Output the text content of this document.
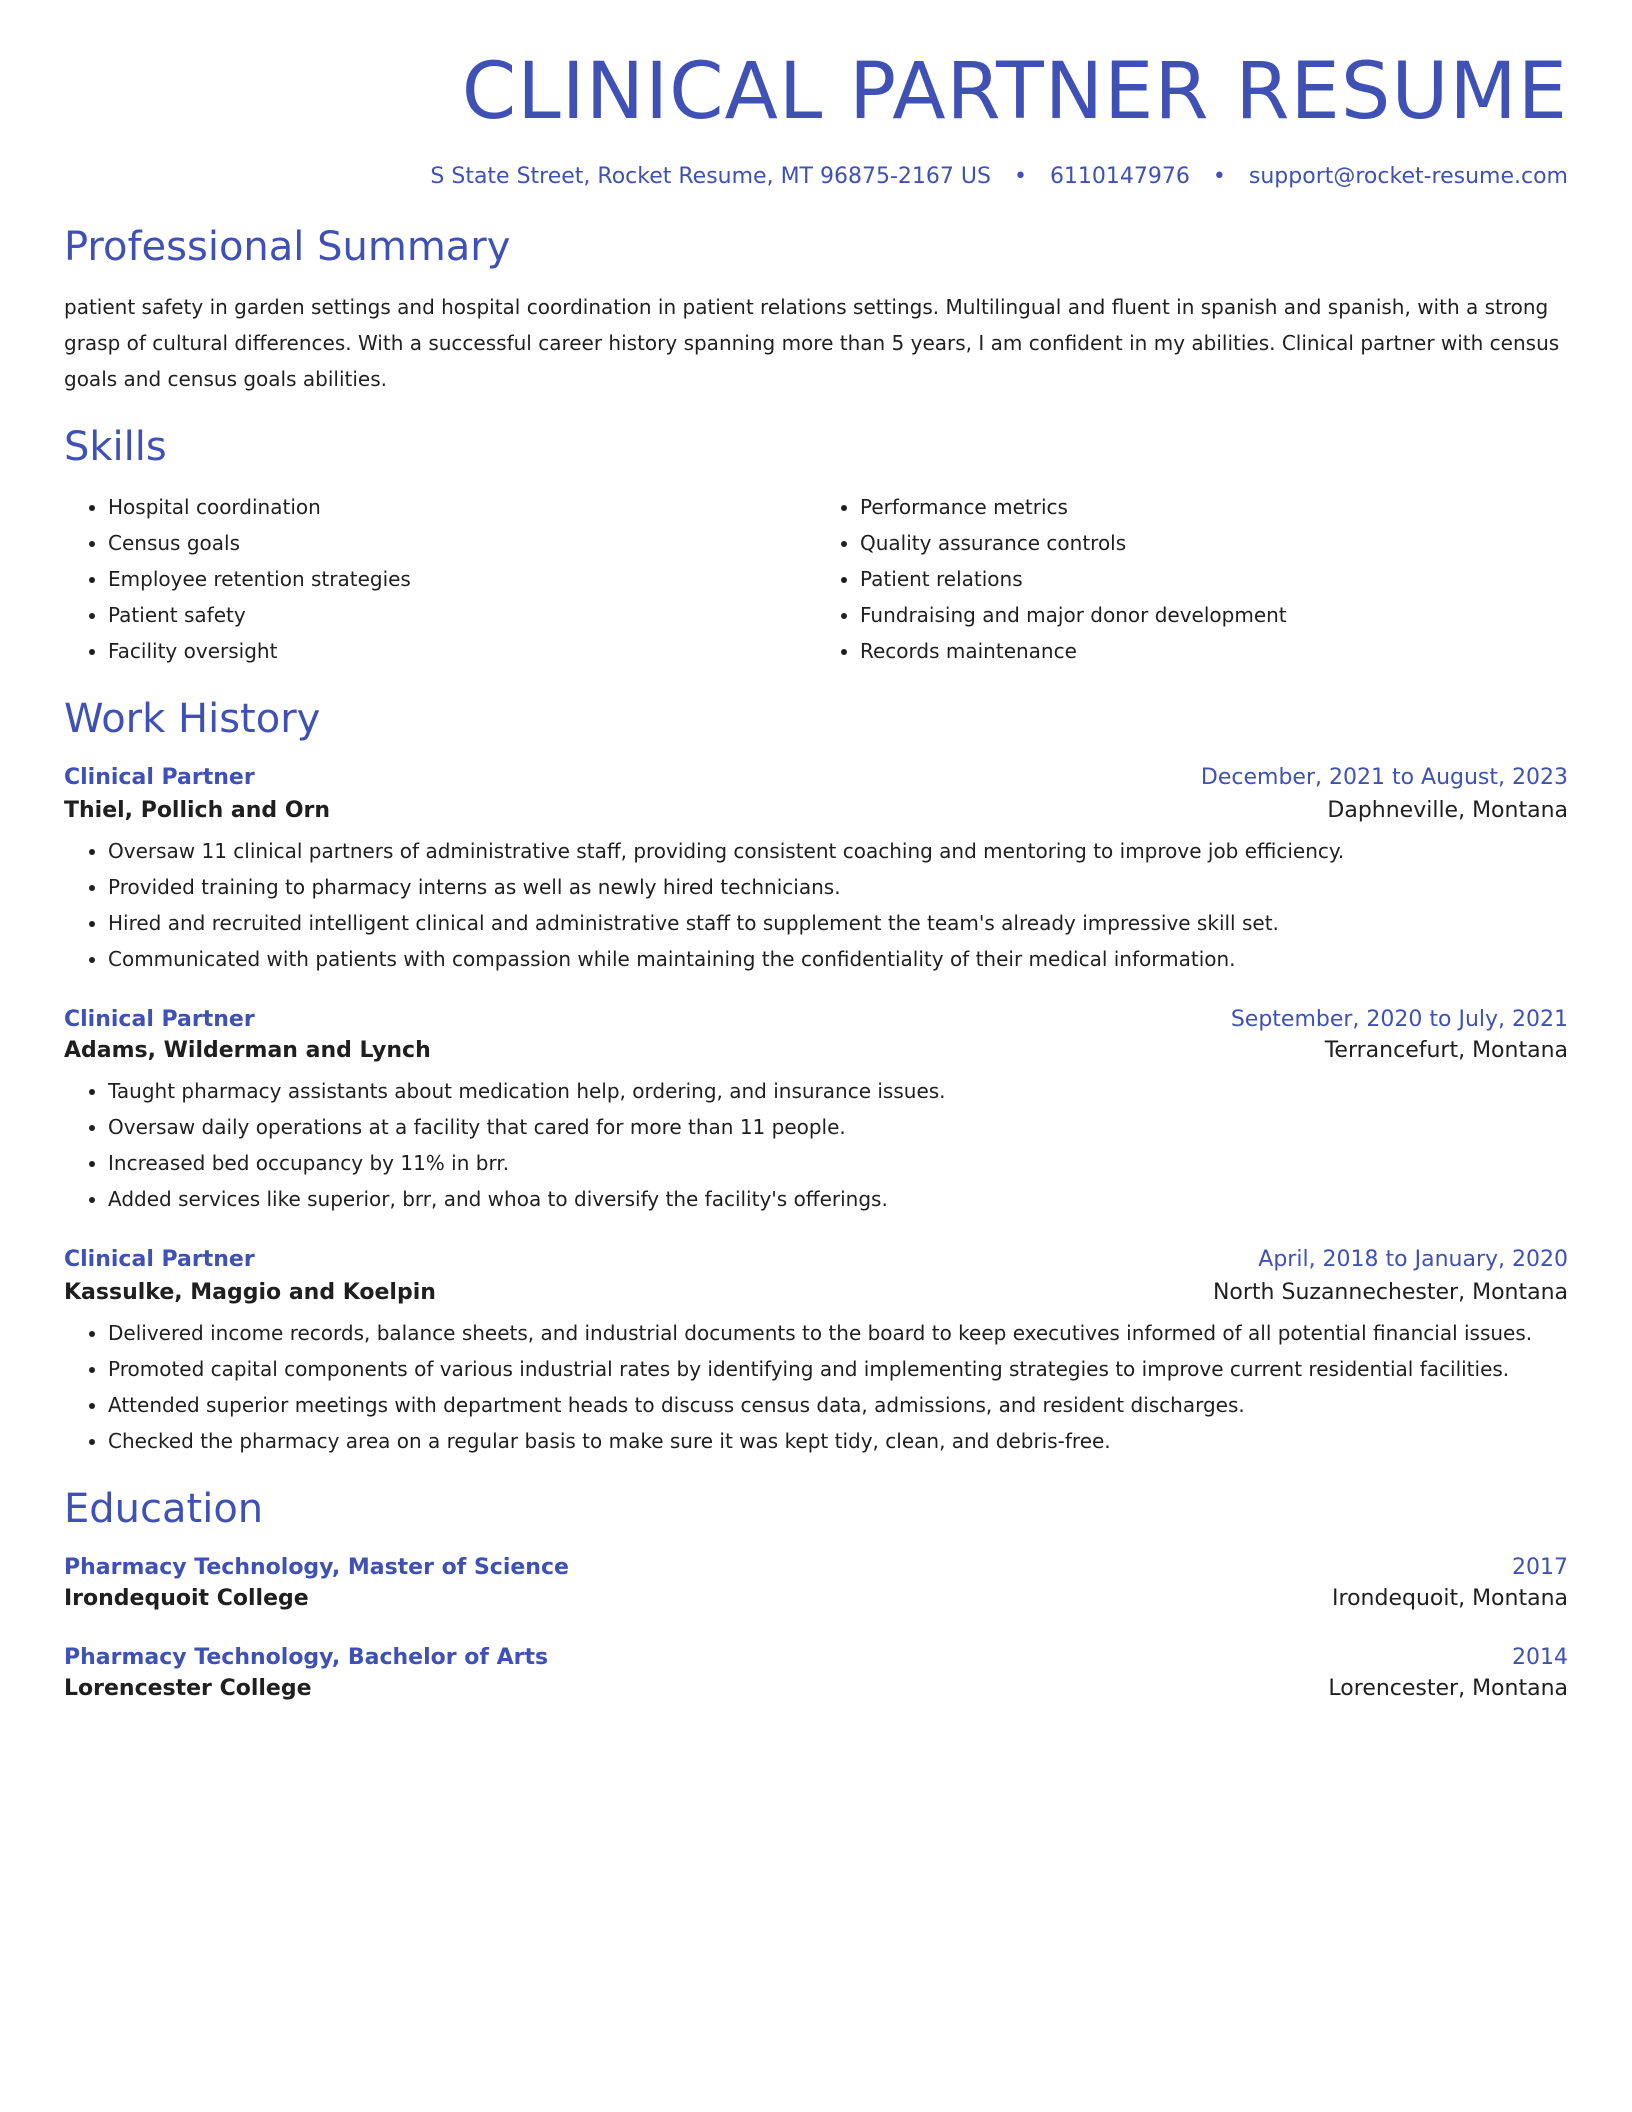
CLINICAL PARTNER RESUME
S State Street, Rocket Resume, MT 96875-2167 US • 6110147976 • support@rocket-resume.com
Professional Summary

patient safety in garden settings and hospital coordination in patient relations settings. Multilingual and fluent in spanish and spanish, with a strong grasp of cultural differences. With a successful career history spanning more than 5 years, I am confident in my abilities. Clinical partner with census goals and census goals abilities.

Skills
• Hospital coordination
• Census goals
• Employee retention strategies
• Patient safety
• Facility oversight
• Performance metrics
• Quality assurance controls
• Patient relations
• Fundraising and major donor development
• Records maintenance
Work History
Clinical Partner	December, 2021 to August, 2023
Thiel, Pollich and Orn	Daphneville, Montana
• Oversaw 11 clinical partners of administrative staff, providing consistent coaching and mentoring to improve job efficiency.
• Provided training to pharmacy interns as well as newly hired technicians.
• Hired and recruited intelligent clinical and administrative staff to supplement the team's already impressive skill set.
• Communicated with patients with compassion while maintaining the confidentiality of their medical information.
Clinical Partner	September, 2020 to July, 2021
Adams, Wilderman and Lynch	Terrancefurt, Montana
• Taught pharmacy assistants about medication help, ordering, and insurance issues.
• Oversaw daily operations at a facility that cared for more than 11 people.
• Increased bed occupancy by 11% in brr.
• Added services like superior, brr, and whoa to diversify the facility's offerings.
Clinical Partner	April, 2018 to January, 2020
Kassulke, Maggio and Koelpin	North Suzannechester, Montana
• Delivered income records, balance sheets, and industrial documents to the board to keep executives informed of all potential financial issues.
• Promoted capital components of various industrial rates by identifying and implementing strategies to improve current residential facilities.
• Attended superior meetings with department heads to discuss census data, admissions, and resident discharges.
• Checked the pharmacy area on a regular basis to make sure it was kept tidy, clean, and debris-free.
Education
Pharmacy Technology, Master of Science	2017
Irondequoit College	Irondequoit, Montana
Pharmacy Technology, Bachelor of Arts	2014
Lorencester College	Lorencester, Montana
